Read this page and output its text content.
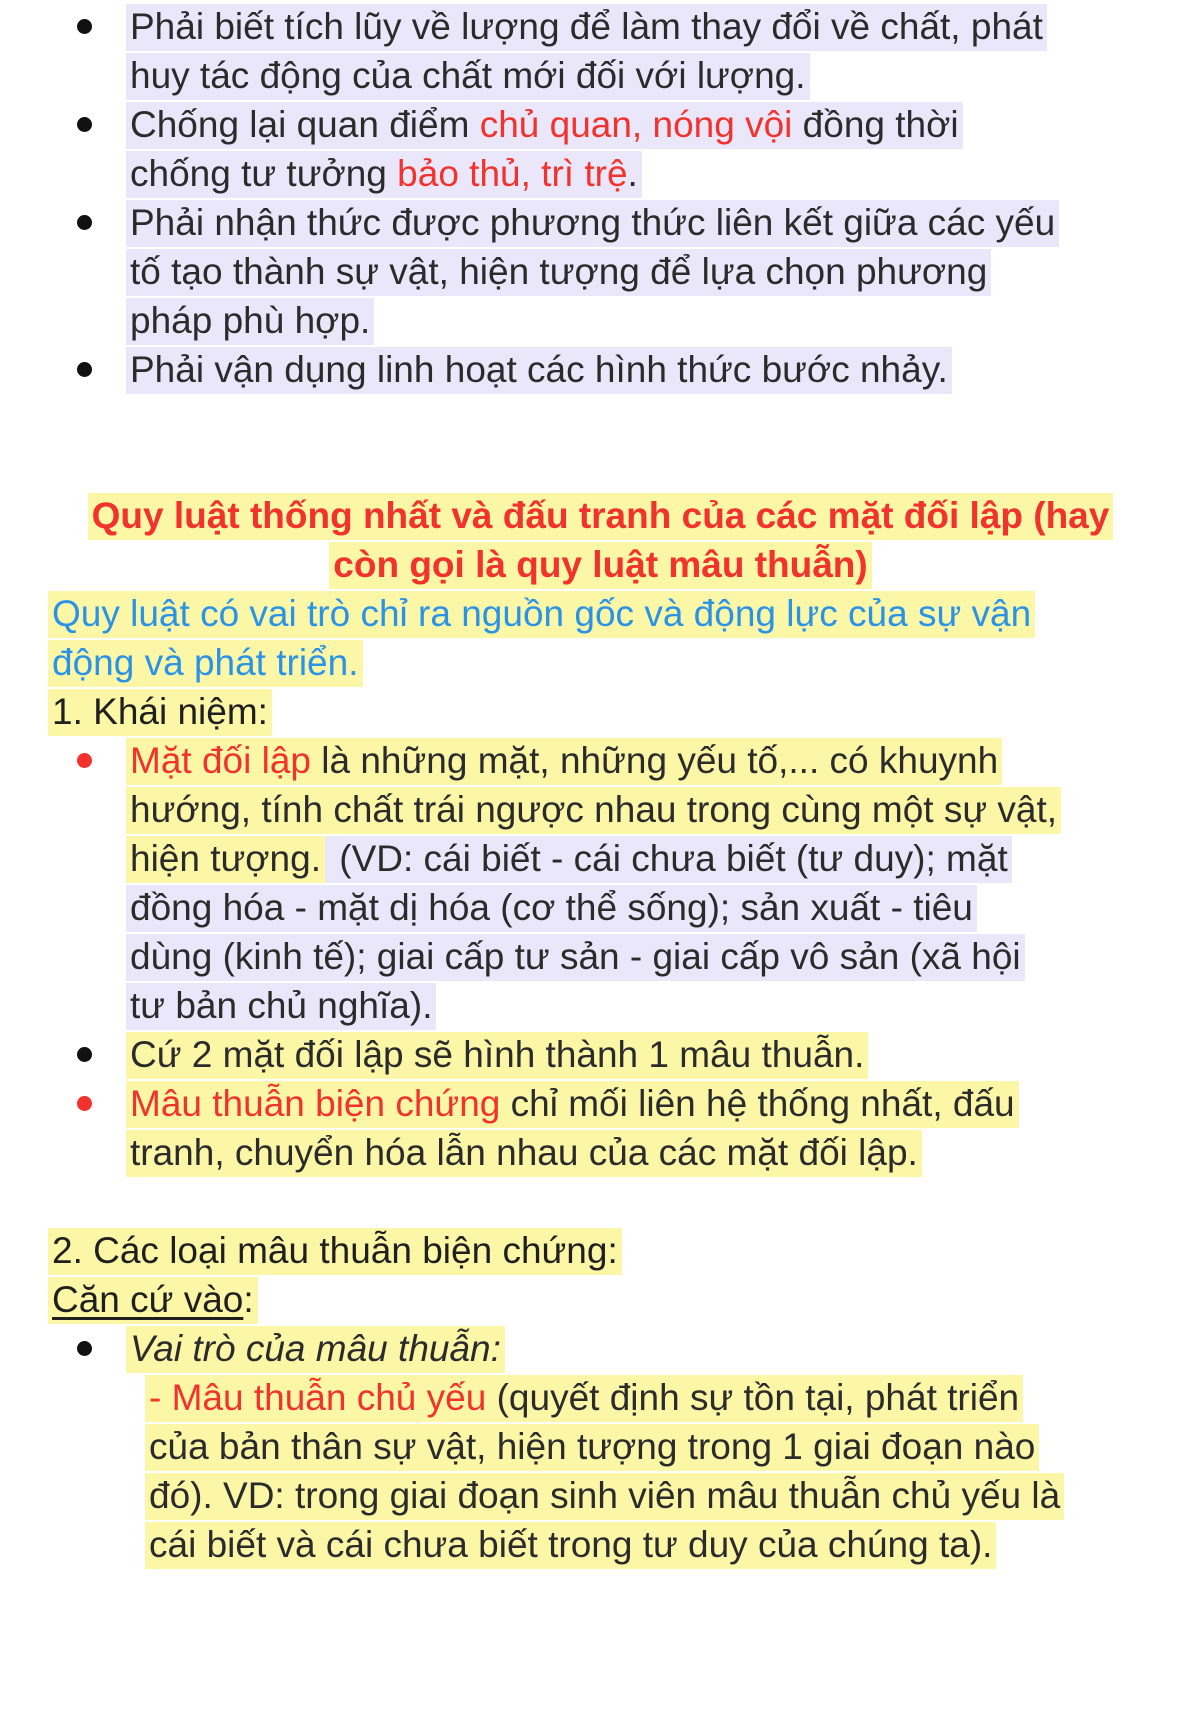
Phải biết tích lũy về lượng để làm thay đổi về chất, phát
huy tác động của chất mới đối với lượng.
Chống lại quan điểm chủ quan, nóng vội đồng thời
chống tư tưởng bảo thủ, trì trệ.
Phải nhận thức được phương thức liên kết giữa các yếu
tố tạo thành sự vật, hiện tượng để lựa chọn phương
pháp phù hợp.
Phải vận dụng linh hoạt các hình thức bước nhảy.
Quy luật thống nhất và đấu tranh của các mặt đối lập (hay
còn gọi là quy luật mâu thuẫn)
Quy luật có vai trò chỉ ra nguồn gốc và động lực của sự vận
động và phát triển.
1. Khái niệm:
Mặt đối lập là những mặt, những yếu tố,... có khuynh
hướng, tính chất trái ngược nhau trong cùng một sự vật,
hiện tượng. (VD: cái biết - cái chưa biết (tư duy); mặt
đồng hóa - mặt dị hóa (cơ thể sống); sản xuất - tiêu
dùng (kinh tế); giai cấp tư sản - giai cấp vô sản (xã hội
tư bản chủ nghĩa).
Cứ 2 mặt đối lập sẽ hình thành 1 mâu thuẫn.
Mâu thuẫn biện chứng chỉ mối liên hệ thống nhất, đấu
tranh, chuyển hóa lẫn nhau của các mặt đối lập.
2. Các loại mâu thuẫn biện chứng:
Căn cứ vào:
Vai trò của mâu thuẫn:
- Mâu thuẫn chủ yếu (quyết định sự tồn tại, phát triển
của bản thân sự vật, hiện tượng trong 1 giai đoạn nào
đó). VD: trong giai đoạn sinh viên mâu thuẫn chủ yếu là
cái biết và cái chưa biết trong tư duy của chúng ta).
